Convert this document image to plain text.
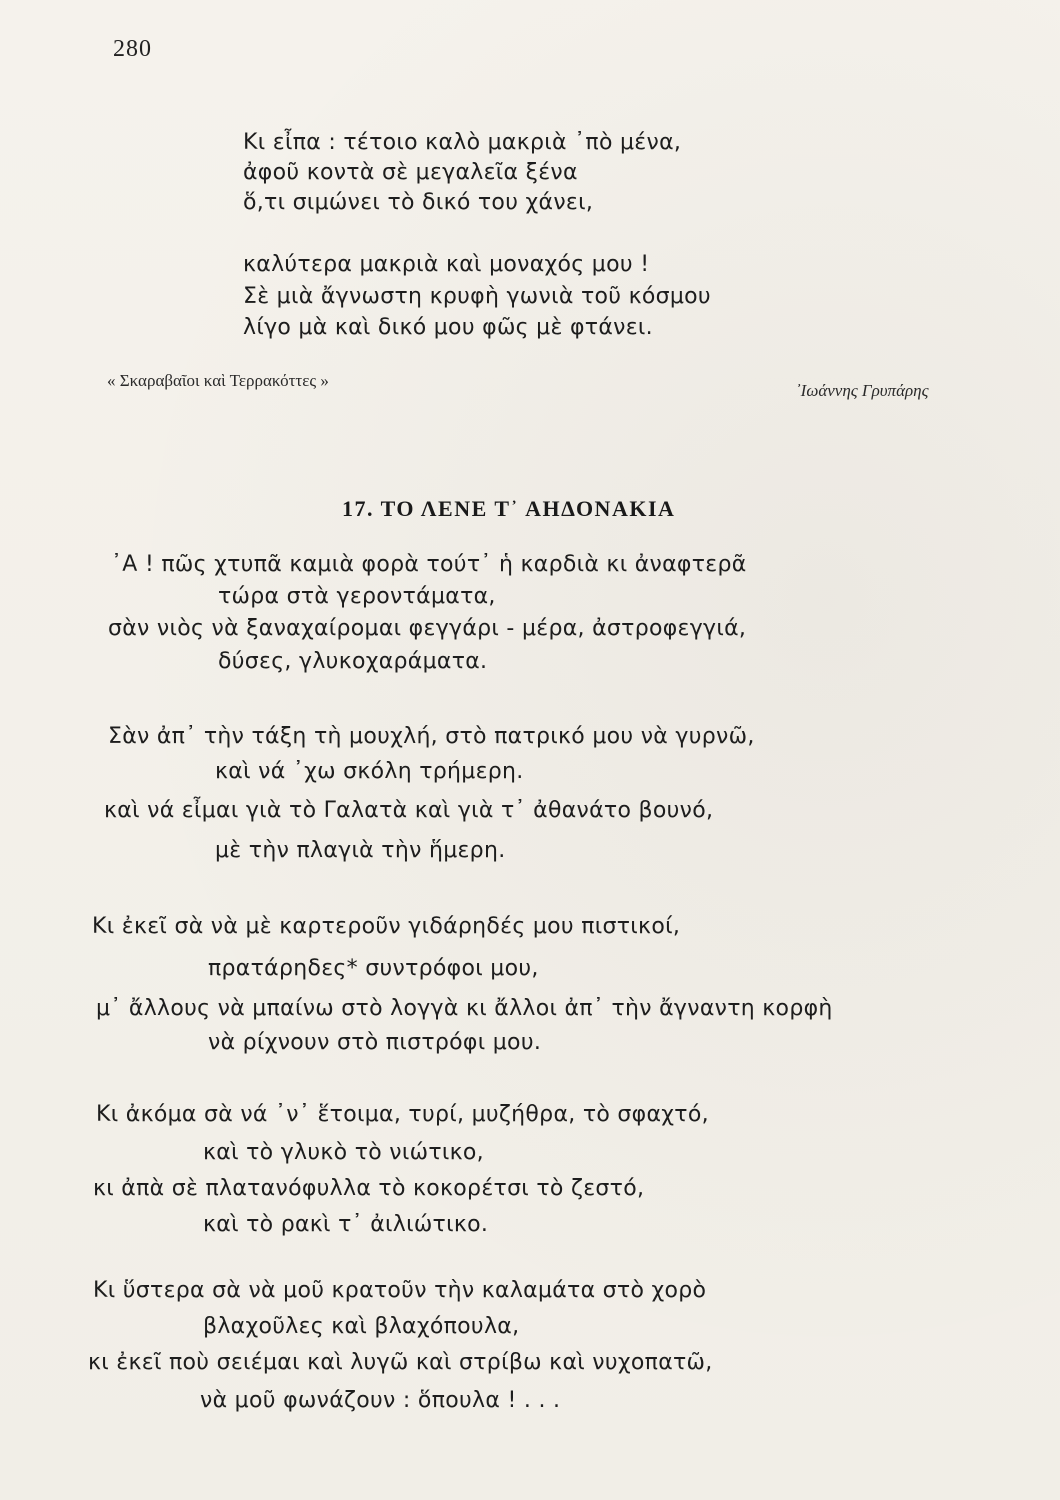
280
Κι εἶπα : τέτοιο καλὸ μακριὰ ᾽πὸ μένα,
ἀφοῦ κοντὰ σὲ μεγαλεῖα ξένα
ὅ,τι σιμώνει τὸ δικό του χάνει,
καλύτερα μακριὰ καὶ μοναχός μου !
Σὲ μιὰ ἄγνωστη κρυφὴ γωνιὰ τοῦ κόσμου
λίγο μὰ καὶ δικό μου φῶς μὲ φτάνει.
« Σκαραβαῖοι καὶ Τερρακόττες »
᾽Ιωάννης Γρυπάρης
17. ΤΟ ΛΕΝΕ Τ᾽ ΑΗΔΟΝΑΚΙΑ
᾽Α ! πῶς χτυπᾶ καμιὰ φορὰ τούτ᾽ ἡ καρδιὰ κι ἀναφτερᾶ
τώρα στὰ γεροντάματα,
σὰν νιὸς νὰ ξαναχαίρομαι φεγγάρι - μέρα, ἀστροφεγγιά,
δύσες, γλυκοχαράματα.
Σὰν ἀπ᾽ τὴν τάξη τὴ μουχλή, στὸ πατρικό μου νὰ γυρνῶ,
καὶ νά ᾽χω σκόλη τρήμερη.
καὶ νά εἶμαι γιὰ τὸ Γαλατὰ καὶ γιὰ τ᾽ ἀθανάτο βουνό,
μὲ τὴν πλαγιὰ τὴν ἥμερη.
Κι ἐκεῖ σὰ νὰ μὲ καρτεροῦν γιδάρηδές μου πιστικοί,
πρατάρηδες* συντρόφοι μου,
μ᾽ ἄλλους νὰ μπαίνω στὸ λογγὰ κι ἄλλοι ἀπ᾽ τὴν ἄγναντη κορφὴ
νὰ ρίχνουν στὸ πιστρόφι μου.
Κι ἀκόμα σὰ νά ᾽ν᾽ ἕτοιμα, τυρί, μυζήθρα, τὸ σφαχτό,
καὶ τὸ γλυκὸ τὸ νιώτικο,
κι ἀπὰ σὲ πλατανόφυλλα τὸ κοκορέτσι τὸ ζεστό,
καὶ τὸ ρακὶ τ᾽ ἀιλιώτικο.
Κι ὕστερα σὰ νὰ μοῦ κρατοῦν τὴν καλαμάτα στὸ χορὸ
βλαχοῦλες καὶ βλαχόπουλα,
κι ἐκεῖ ποὺ σειέμαι καὶ λυγῶ καὶ στρίβω καὶ νυχοπατῶ,
νὰ μοῦ φωνάζουν : ὅπουλα ! . . .
